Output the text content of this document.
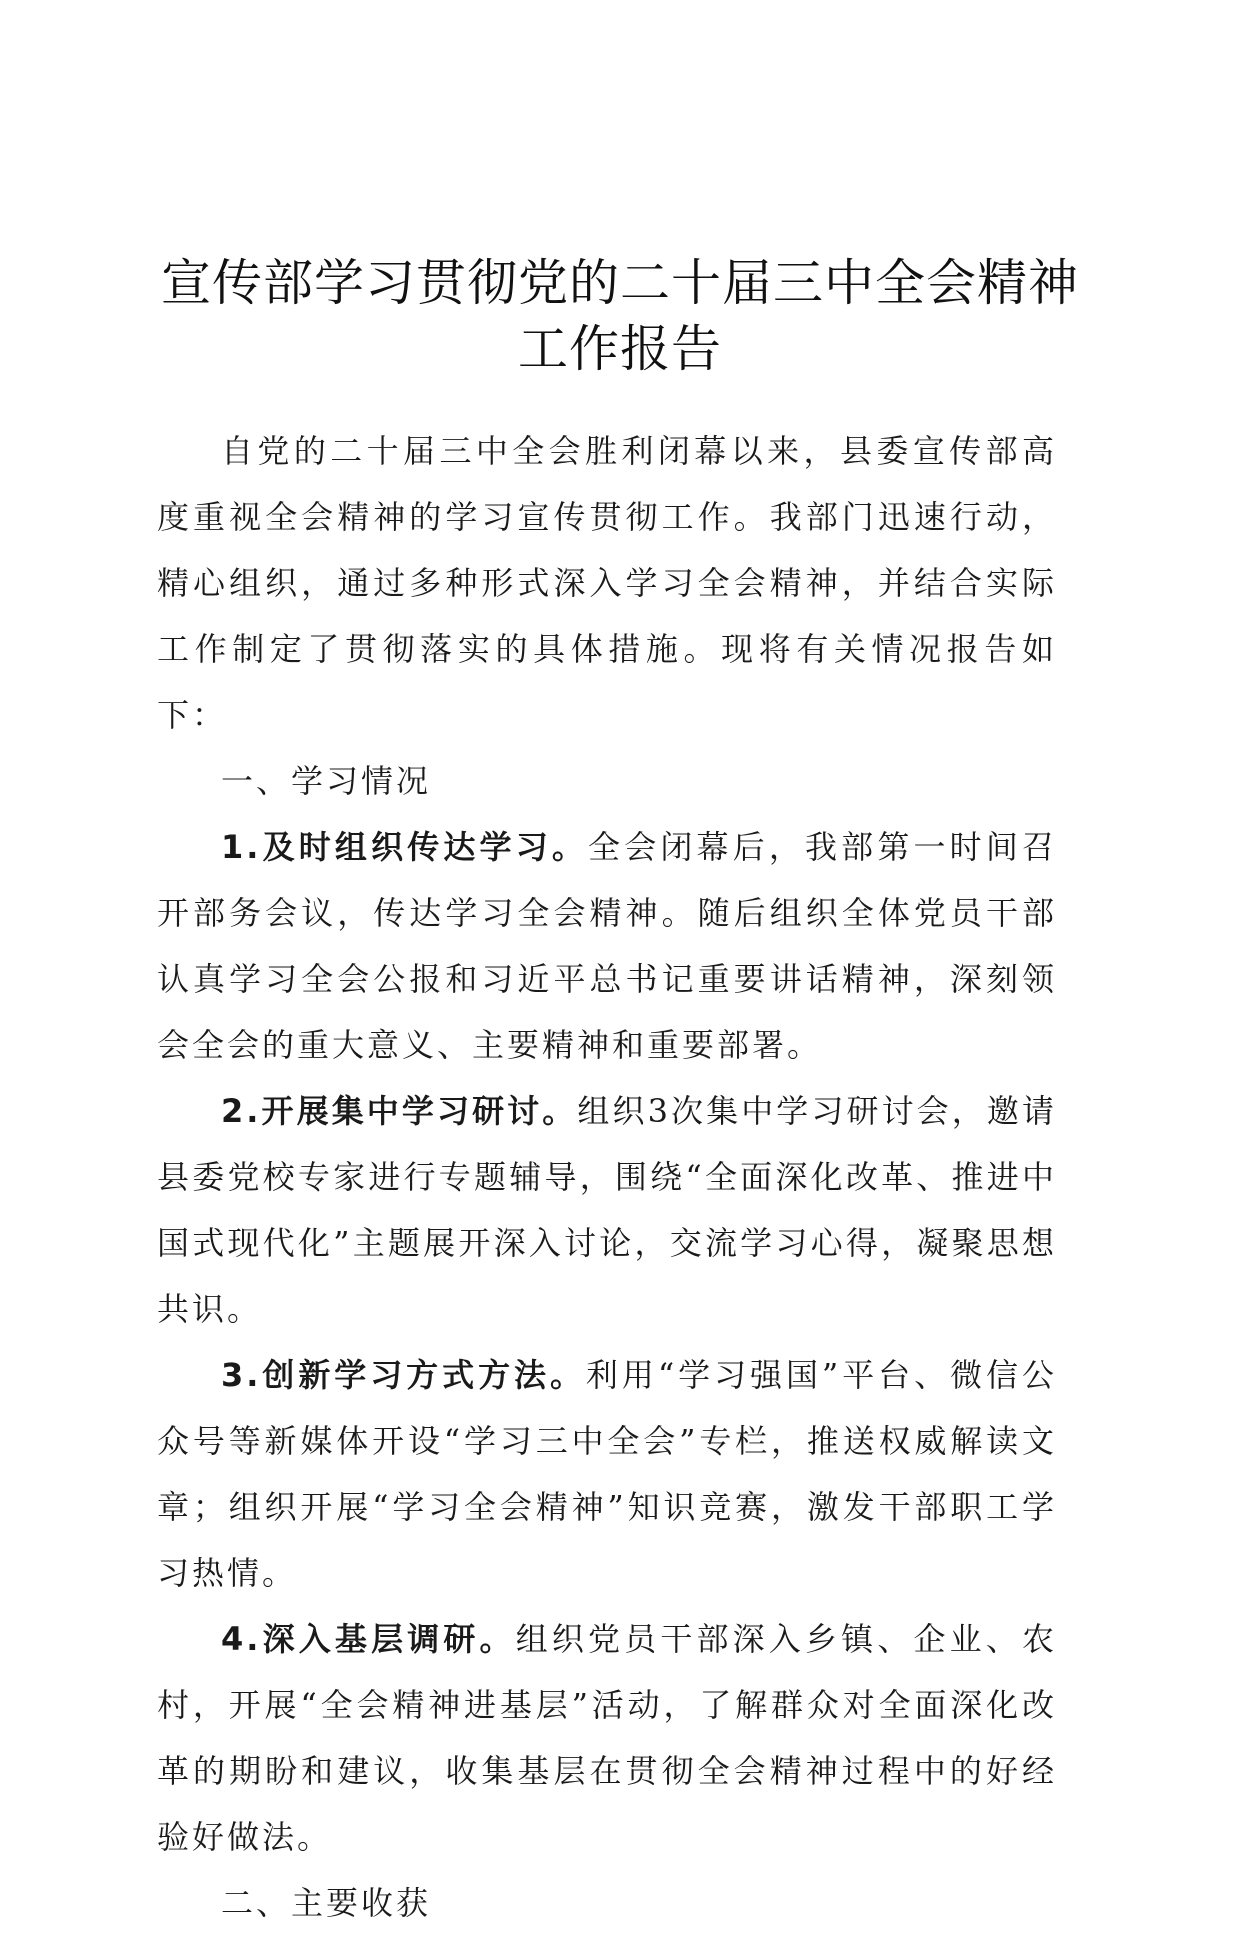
宣传部学习贯彻党的二十届三中全会精神工作报告

自党的二十届三中全会胜利闭幕以来，县委宣传部高度重视全会精神的学习宣传贯彻工作。我部门迅速行动，精心组织，通过多种形式深入学习全会精神，并结合实际工作制定了贯彻落实的具体措施。现将有关情况报告如下：

一、学习情况

1.及时组织传达学习。全会闭幕后，我部第一时间召开部务会议，传达学习全会精神。随后组织全体党员干部认真学习全会公报和习近平总书记重要讲话精神，深刻领会全会的重大意义、主要精神和重要部署。

2.开展集中学习研讨。组织3次集中学习研讨会，邀请县委党校专家进行专题辅导，围绕“全面深化改革、推进中国式现代化”主题展开深入讨论，交流学习心得，凝聚思想共识。

3.创新学习方式方法。利用“学习强国”平台、微信公众号等新媒体开设“学习三中全会”专栏，推送权威解读文章；组织开展“学习全会精神”知识竞赛，激发干部职工学习热情。

4.深入基层调研。组织党员干部深入乡镇、企业、农村，开展“全会精神进基层”活动，了解群众对全面深化改革的期盼和建议，收集基层在贯彻全会精神过程中的好经验好做法。

二、主要收获
